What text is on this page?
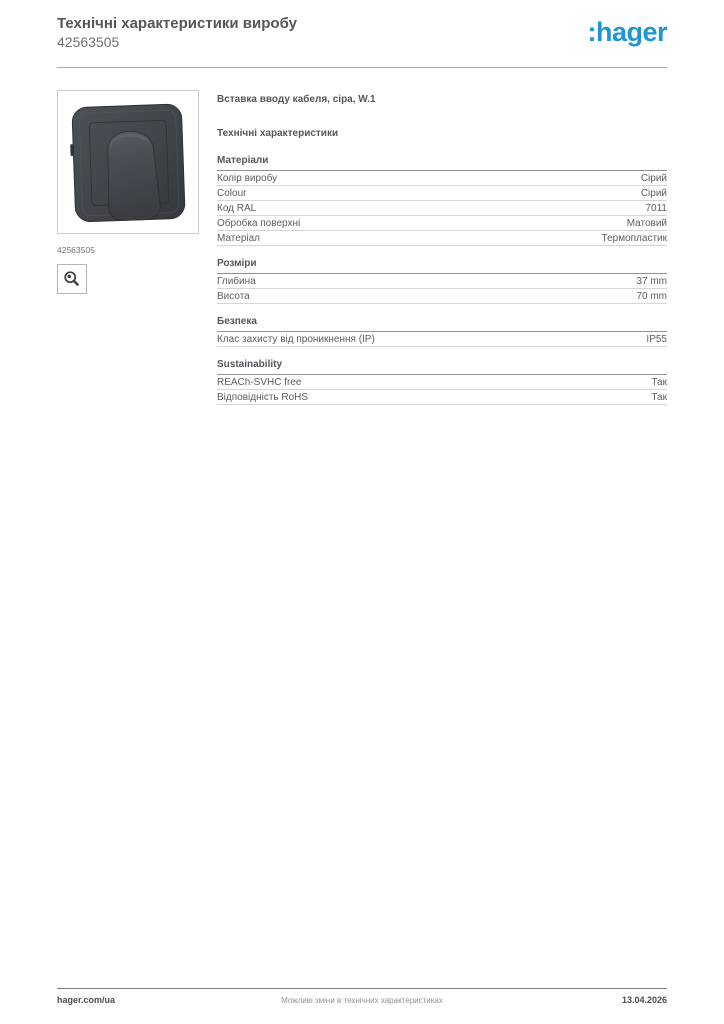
Технічні характеристики виробу
42563505	:hager
42563505
Вставка вводу кабеля, сіра, W.1
Технічні характеристики
Матеріали
Колір виробу	Сірий
Colour	Сірий
Код RAL	7011
Обробка поверхні	Матовий
Матеріал	Термопластик
Розміри
Глибина	37 mm
Висота	70 mm
Безпека
Клас захисту від проникнення (IP)	IP55
Sustainability
REACh-SVHC free	Так
Відповідність RoHS	Так
hager.com/ua	Можливі зміни в технічних характеристиках	13.04.2026
